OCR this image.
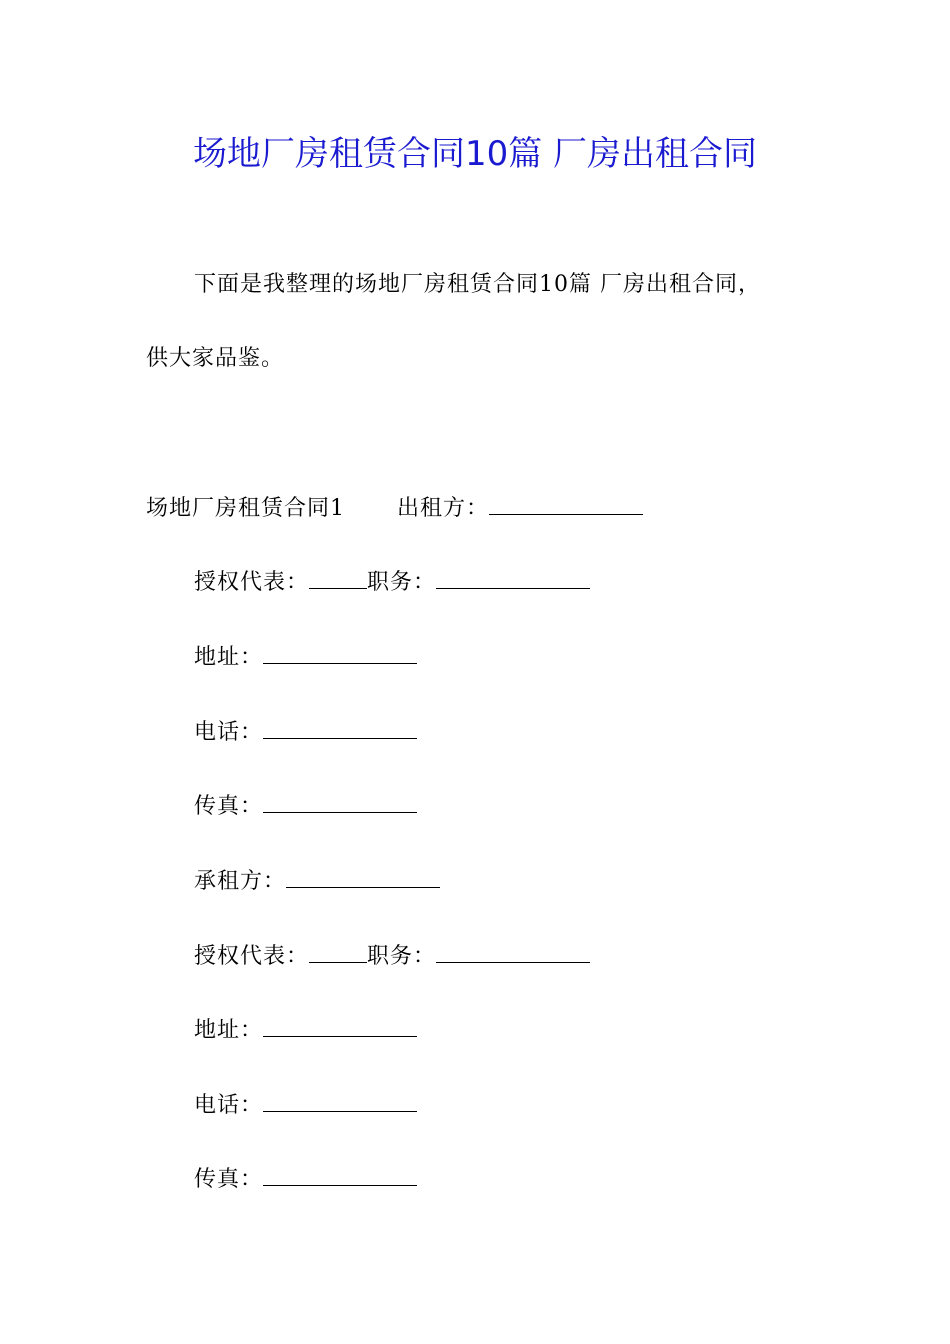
场地厂房租赁合同10篇 厂房出租合同
下面是我整理的场地厂房租赁合同10篇 厂房出租合同，
供大家品鉴。
场地厂房租赁合同1 出租方：
授权代表：	职务：
地址：
电话：
传真：
承租方：
授权代表：	职务：
地址：
电话：
传真：
